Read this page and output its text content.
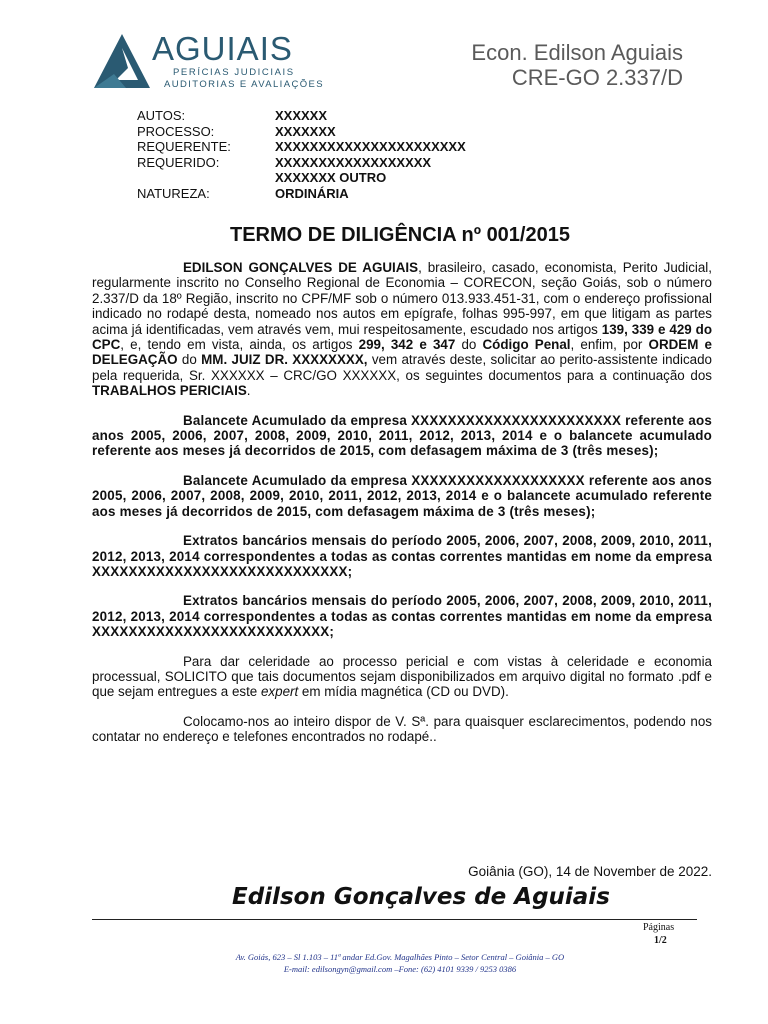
AGUIAIS
PERÍCIAS JUDICIAIS
AUDITORIAS E AVALIAÇÕES
Econ. Edilson Aguiais
CRE-GO 2.337/D
AUTOS:	XXXXXX
PROCESSO:	XXXXXXX
REQUERENTE:	XXXXXXXXXXXXXXXXXXXXXX
REQUERIDO:	XXXXXXXXXXXXXXXXXX
XXXXXXX OUTRO
NATUREZA:	ORDINÁRIA
TERMO DE DILIGÊNCIA nº 001/2015

EDILSON GONÇALVES DE AGUIAIS, brasileiro, casado, economista, Perito Judicial, regularmente inscrito no Conselho Regional de Economia – CORECON, seção Goiás, sob o número 2.337/D da 18º Região, inscrito no CPF/MF sob o número 013.933.451-31, com o endereço profissional indicado no rodapé desta, nomeado nos autos em epígrafe, folhas 995-997, em que litigam as partes acima já identificadas, vem através vem, mui respeitosamente, escudado nos artigos 139, 339 e 429 do CPC, e, tendo em vista, ainda, os artigos 299, 342 e 347 do Código Penal, enfim, por ORDEM e DELEGAÇÃO do MM. JUIZ DR. XXXXXXXX, vem através deste, solicitar ao perito-assistente indicado pela requerida, Sr. XXXXXX – CRC/GO XXXXXX, os seguintes documentos para a continuação dos TRABALHOS PERICIAIS.

Balancete Acumulado da empresa XXXXXXXXXXXXXXXXXXXXXXX referente aos anos 2005, 2006, 2007, 2008, 2009, 2010, 2011, 2012, 2013, 2014 e o balancete acumulado referente aos meses já decorridos de 2015, com defasagem máxima de 3 (três meses);

Balancete Acumulado da empresa XXXXXXXXXXXXXXXXXXX referente aos anos 2005, 2006, 2007, 2008, 2009, 2010, 2011, 2012, 2013, 2014 e o balancete acumulado referente aos meses já decorridos de 2015, com defasagem máxima de 3 (três meses);

Extratos bancários mensais do período 2005, 2006, 2007, 2008, 2009, 2010, 2011, 2012, 2013, 2014 correspondentes a todas as contas correntes mantidas em nome da empresa XXXXXXXXXXXXXXXXXXXXXXXXXXXX;

Extratos bancários mensais do período 2005, 2006, 2007, 2008, 2009, 2010, 2011, 2012, 2013, 2014 correspondentes a todas as contas correntes mantidas em nome da empresa XXXXXXXXXXXXXXXXXXXXXXXXXX;

Para dar celeridade ao processo pericial e com vistas à celeridade e economia processual, SOLICITO que tais documentos sejam disponibilizados em arquivo digital no formato .pdf e que sejam entregues a este expert em mídia magnética (CD ou DVD).

Colocamo-nos ao inteiro dispor de V. Sª. para quaisquer esclarecimentos, podendo nos contatar no endereço e telefones encontrados no rodapé..

Goiânia (GO), 14 de November de 2022.
Edilson Gonçalves de Aguiais
Páginas
1/2
Av. Goiás, 623 – Sl 1.103 – 11ª andar Ed.Gov. Magalhães Pinto – Setor Central – Goiânia – GO
E-mail: edilsongyn@gmail.com –Fone: (62) 4101 9339 / 9253 0386
